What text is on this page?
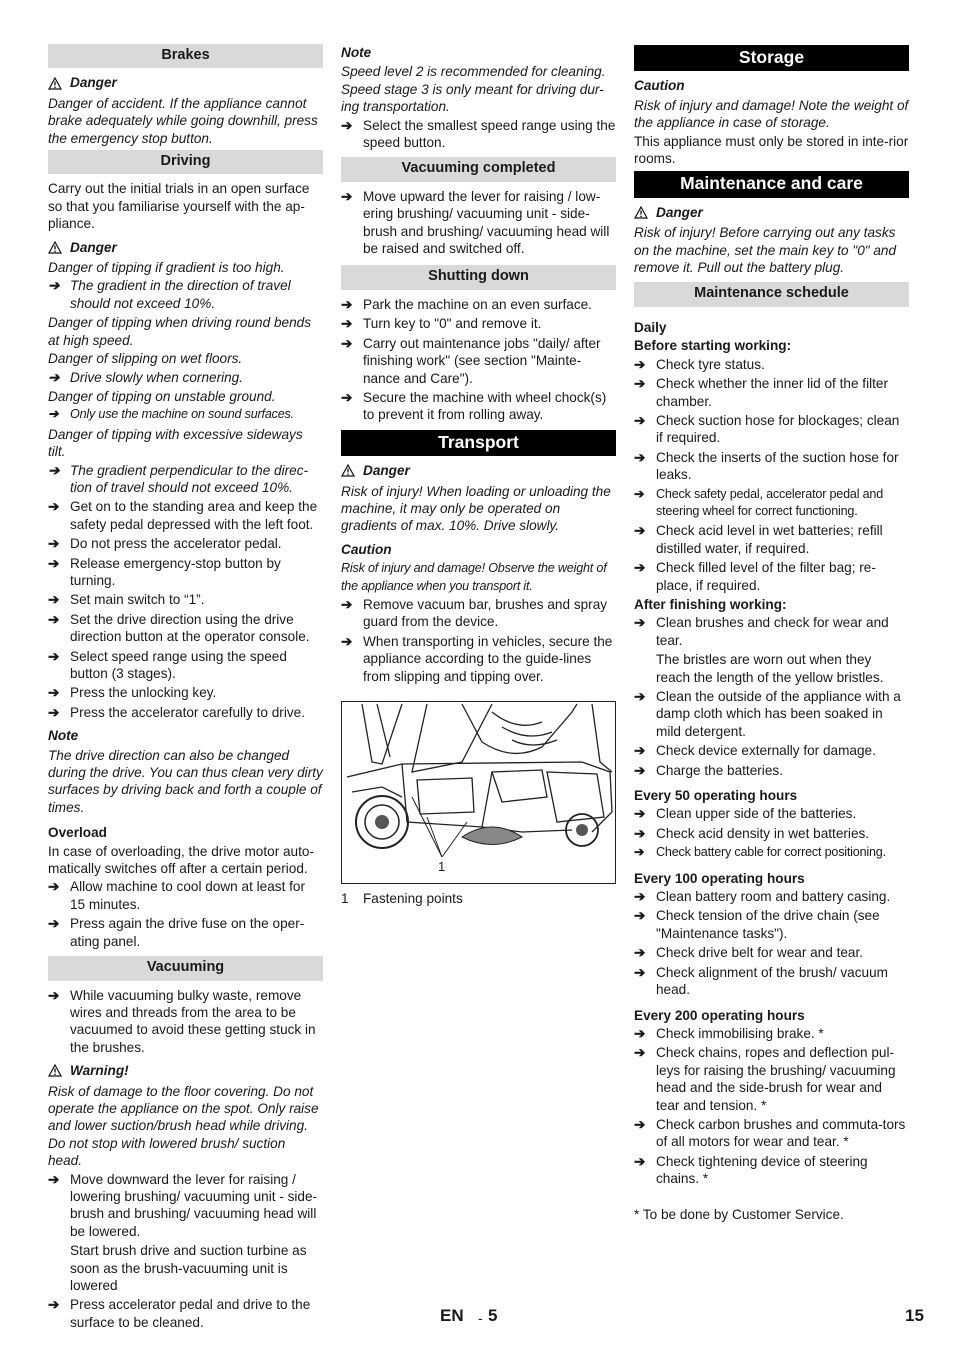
Brakes
Danger

Danger of accident. If the appliance cannot brake adequately while going downhill, press the emergency stop button.

Driving

Carry out the initial trials in an open surface so that you familiarise yourself with the ap-pliance.

Danger

Danger of tipping if gradient is too high.

➔ The gradient in the direction of travel should not exceed 10%.

Danger of tipping when driving round bends at high speed.

Danger of slipping on wet floors.

➔ Drive slowly when cornering.

Danger of tipping on unstable ground.

➔ Only use the machine on sound surfaces.

Danger of tipping with excessive sideways tilt.

➔ The gradient perpendicular to the direc-tion of travel should not exceed 10%.
➔ Get on to the standing area and keep the safety pedal depressed with the left foot.
➔ Do not press the accelerator pedal.
➔ Release emergency-stop button by turning.
➔ Set main switch to “1”.
➔ Set the drive direction using the drive direction button at the operator console.
➔ Select speed range using the speed button (3 stages).
➔ Press the unlocking key.
➔ Press the accelerator carefully to drive.
Note

The drive direction can also be changed during the drive. You can thus clean very dirty surfaces by driving back and forth a couple of times.

Overload

In case of overloading, the drive motor auto-matically switches off after a certain period.

➔ Allow machine to cool down at least for 15 minutes.
➔ Press again the drive fuse on the oper-ating panel.
Vacuuming
➔ While vacuuming bulky waste, remove wires and threads from the area to be vacuumed to avoid these getting stuck in the brushes.
Warning!

Risk of damage to the floor covering. Do not operate the appliance on the spot. Only raise and lower suction/brush head while driving. Do not stop with lowered brush/ suction head.

➔ Move downward the lever for raising / lowering brushing/ vacuuming unit - side-brush and brushing/ vacuuming head will be lowered.

Start brush drive and suction turbine as soon as the brush-vacuuming unit is lowered

➔ Press accelerator pedal and drive to the surface to be cleaned.
Note

Speed level 2 is recommended for cleaning. Speed stage 3 is only meant for driving dur-ing transportation.

➔ Select the smallest speed range using the speed button.
Vacuuming completed
➔ Move upward the lever for raising / low-ering brushing/ vacuuming unit - side-brush and brushing/ vacuuming head will be raised and switched off.
Shutting down
➔ Park the machine on an even surface.
➔ Turn key to "0" and remove it.
➔ Carry out maintenance jobs "daily/ after finishing work" (see section "Mainte-nance and Care").
➔ Secure the machine with wheel chock(s) to prevent it from rolling away.
Transport
Danger

Risk of injury! When loading or unloading the machine, it may only be operated on gradients of max. 10%. Drive slowly.

Caution

Risk of injury and damage! Observe the weight of the appliance when you transport it.

➔ Remove vacuum bar, brushes and spray guard from the device.
➔ When transporting in vehicles, secure the appliance according to the guide-lines from slipping and tipping over.
1
1 Fastening points
Storage
Caution

Risk of injury and damage! Note the weight of the appliance in case of storage.

This appliance must only be stored in inte-rior rooms.

Maintenance and care
Danger

Risk of injury! Before carrying out any tasks on the machine, set the main key to "0" and remove it. Pull out the battery plug.

Maintenance schedule
Daily
Before starting working:
➔ Check tyre status.
➔ Check whether the inner lid of the filter chamber.
➔ Check suction hose for blockages; clean if required.
➔ Check the inserts of the suction hose for leaks.
➔ Check safety pedal, accelerator pedal and steering wheel for correct functioning.
➔ Check acid level in wet batteries; refill distilled water, if required.
➔ Check filled level of the filter bag; re-place, if required.
After finishing working:
➔ Clean brushes and check for wear and tear.

The bristles are worn out when they reach the length of the yellow bristles.

➔ Clean the outside of the appliance with a damp cloth which has been soaked in mild detergent.
➔ Check device externally for damage.
➔ Charge the batteries.
Every 50 operating hours
➔ Clean upper side of the batteries.
➔ Check acid density in wet batteries.
➔ Check battery cable for correct positioning.
Every 100 operating hours
➔ Clean battery room and battery casing.
➔ Check tension of the drive chain (see "Maintenance tasks").
➔ Check drive belt for wear and tear.
➔ Check alignment of the brush/ vacuum head.
Every 200 operating hours
➔ Check immobilising brake. *
➔ Check chains, ropes and deflection pul-leys for raising the brushing/ vacuuming head and the side-brush for wear and tear and tension. *
➔ Check carbon brushes and commuta-tors of all motors for wear and tear. *
➔ Check tightening device of steering chains. *

* To be done by Customer Service.

EN - 5	15
